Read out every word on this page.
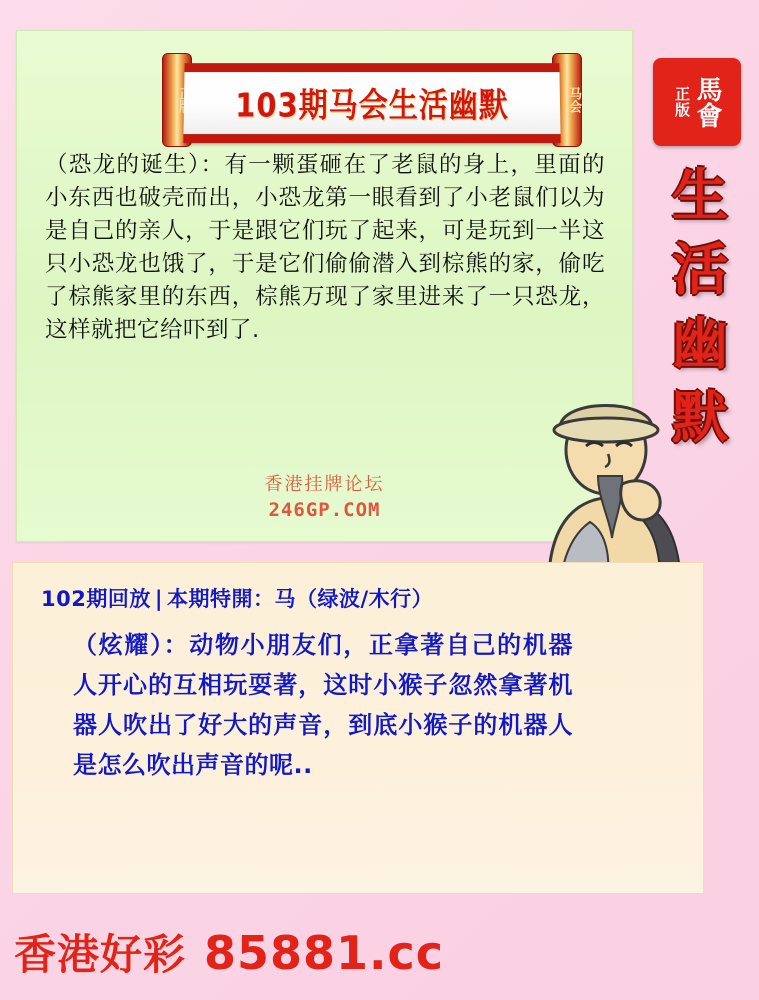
马会
103期马会生活幽默
（恐龙的诞生）：有一颗蛋砸在了老鼠的身上，里面的小东西也破壳而出，小恐龙第一眼看到了小老鼠们以为是自己的亲人，于是跟它们玩了起来，可是玩到一半这只小恐龙也饿了，于是它们偷偷潜入到棕熊的家，偷吃了棕熊家里的东西，棕熊万现了家里进来了一只恐龙，这样就把它给吓到了.
香港挂牌论坛
246GP.COM
正版 馬會
生
活
幽
默
102期回放 | 本期特開：马（绿波/木行）
（炫耀）：动物小朋友们，正拿著自己的机器人开心的互相玩耍著，这时小猴子忽然拿著机器人吹出了好大的声音，到底小猴子的机器人是怎么吹出声音的呢..
香港好彩 85881.cc
